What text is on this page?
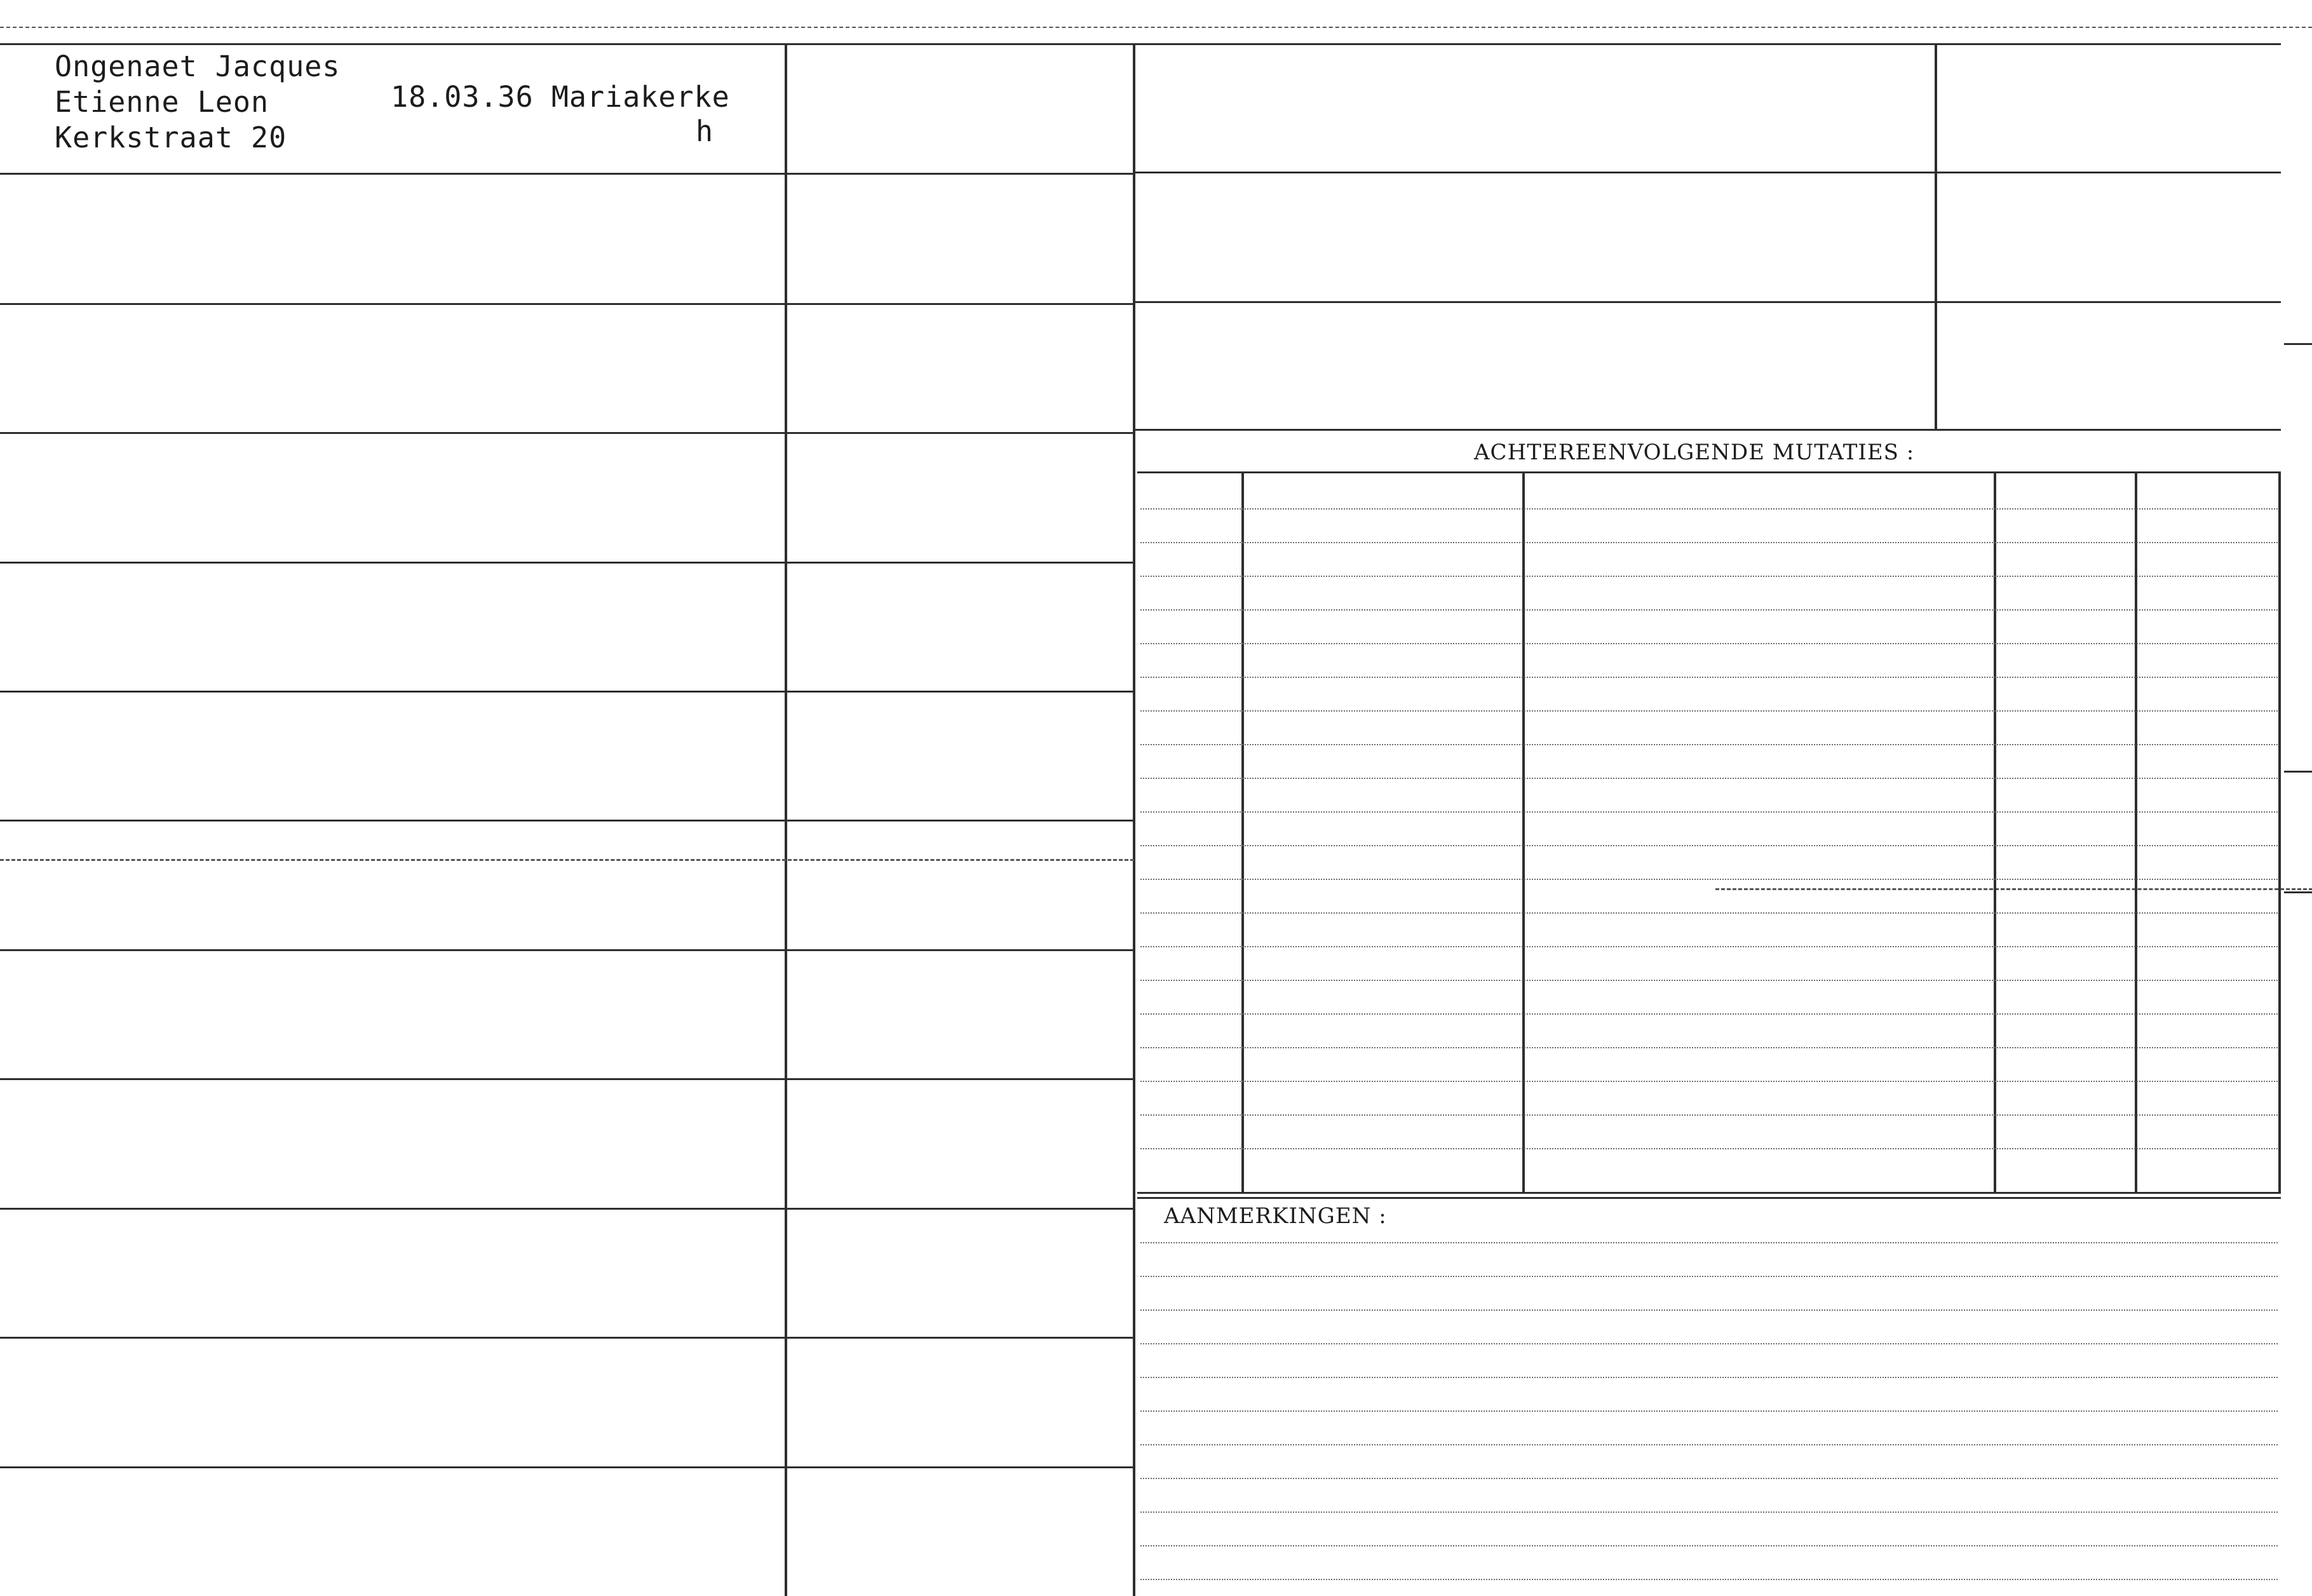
ACHTEREENVOLGENDE MUTATIES :
AANMERKINGEN :
Ongenaet Jacques
Etienne Leon
Kerkstraat 20
18.03.36 Mariakerke
h
